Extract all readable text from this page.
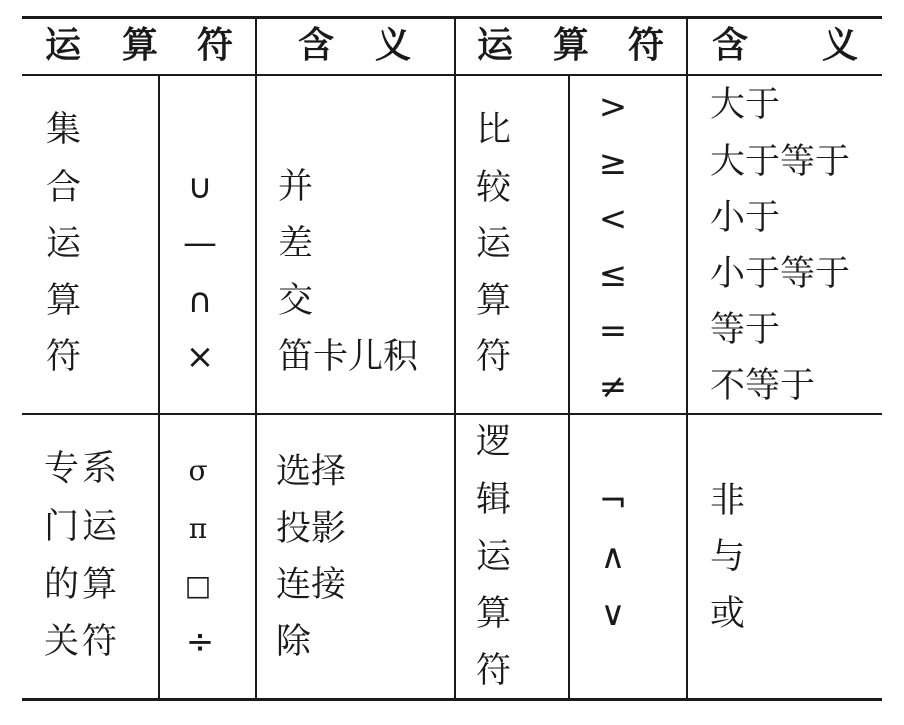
运 算 符 含 义 运 算 符 含 义
集
合
运
算
符
∪
—
∩
×
并
差
交
笛卡儿积
专
门
的
关
系
运
算
符
σ
π
□
÷
选择
投影
连接
除
比
较
运
算
符
>
≥
<
≤
=
≠
大于
大于等于
小于
小于等于
等于
不等于
逻
辑
运
算
符
¬
∧
∨
非
与
或
